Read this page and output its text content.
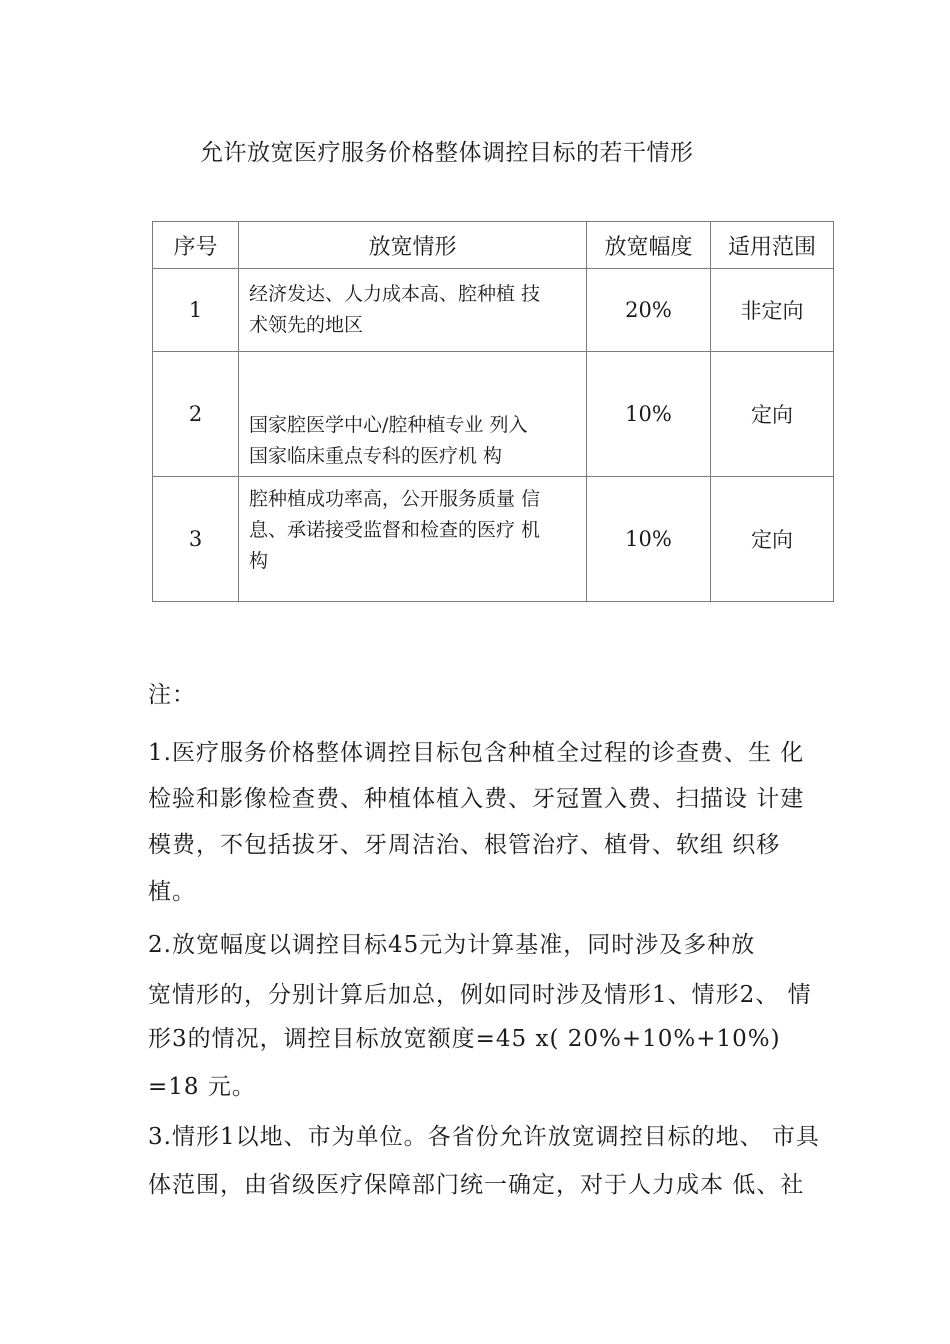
允许放宽医疗服务价格整体调控目标的若干情形
序号	放宽情形	放宽幅度	适用范围
1	经济发达、人力成本高、腔种植 技
术领先的地区	20%	非定向
2	国家腔医学中心/腔种植专业 列入
国家临床重点专科的医疗机 构	10%	定向
3	腔种植成功率高，公开服务质量 信
息、承诺接受监督和检查的医疗 机
构	10%	定向
注：
1.医疗服务价格整体调控目标包含种植全过程的诊查费、生 化
检验和影像检查费、种植体植入费、牙冠置入费、扫描设 计建
模费，不包括拔牙、牙周洁治、根管治疗、植骨、软组 织移
植。
2.放宽幅度以调控目标45元为计算基准，同时涉及多种放
宽情形的，分别计算后加总，例如同时涉及情形1、情形2、 情
形3的情况，调控目标放宽额度=45 x( 20%+10%+10%)
=18 元。
3.情形1以地、市为单位。各省份允许放宽调控目标的地、 市具
体范围，由省级医疗保障部门统一确定，对于人力成本 低、社
